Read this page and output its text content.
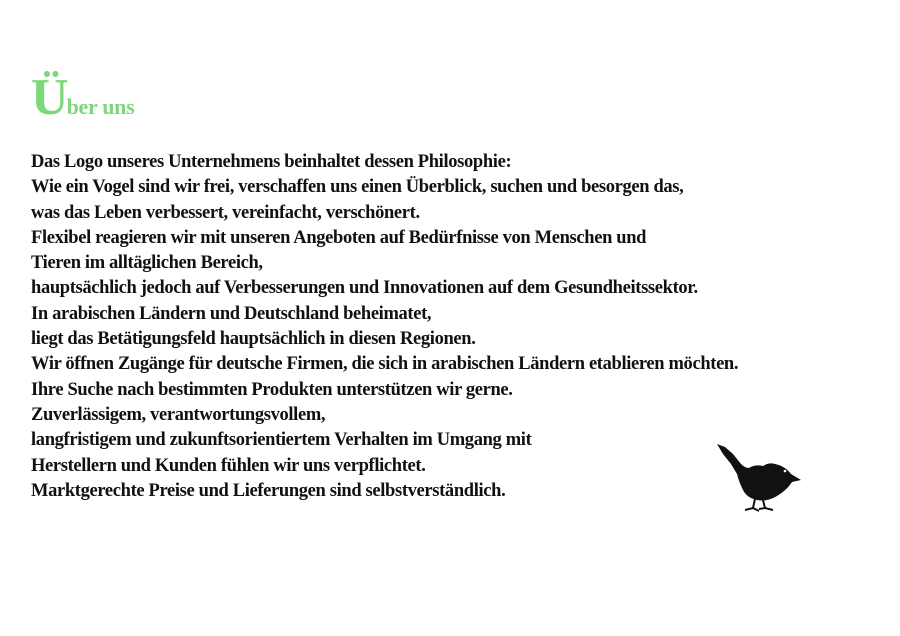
Über uns
Das Logo unseres Unternehmens beinhaltet dessen Philosophie:
Wie ein Vogel sind wir frei, verschaffen uns einen Überblick, suchen und besorgen das,
was das Leben verbessert, vereinfacht, verschönert.
Flexibel reagieren wir mit unseren Angeboten auf Bedürfnisse von Menschen und
Tieren im alltäglichen Bereich,
hauptsächlich jedoch auf Verbesserungen und Innovationen auf dem Gesundheitssektor.
In arabischen Ländern und Deutschland beheimatet,
liegt das Betätigungsfeld hauptsächlich in diesen Regionen.
Wir öffnen Zugänge für deutsche Firmen, die sich in arabischen Ländern etablieren möchten.
Ihre Suche nach bestimmten Produkten unterstützen wir gerne.
Zuverlässigem, verantwortungsvollem,
langfristigem und zukunftsorientiertem Verhalten im Umgang mit
Herstellern und Kunden fühlen wir uns verpflichtet.
Marktgerechte Preise und Lieferungen sind selbstverständlich.
